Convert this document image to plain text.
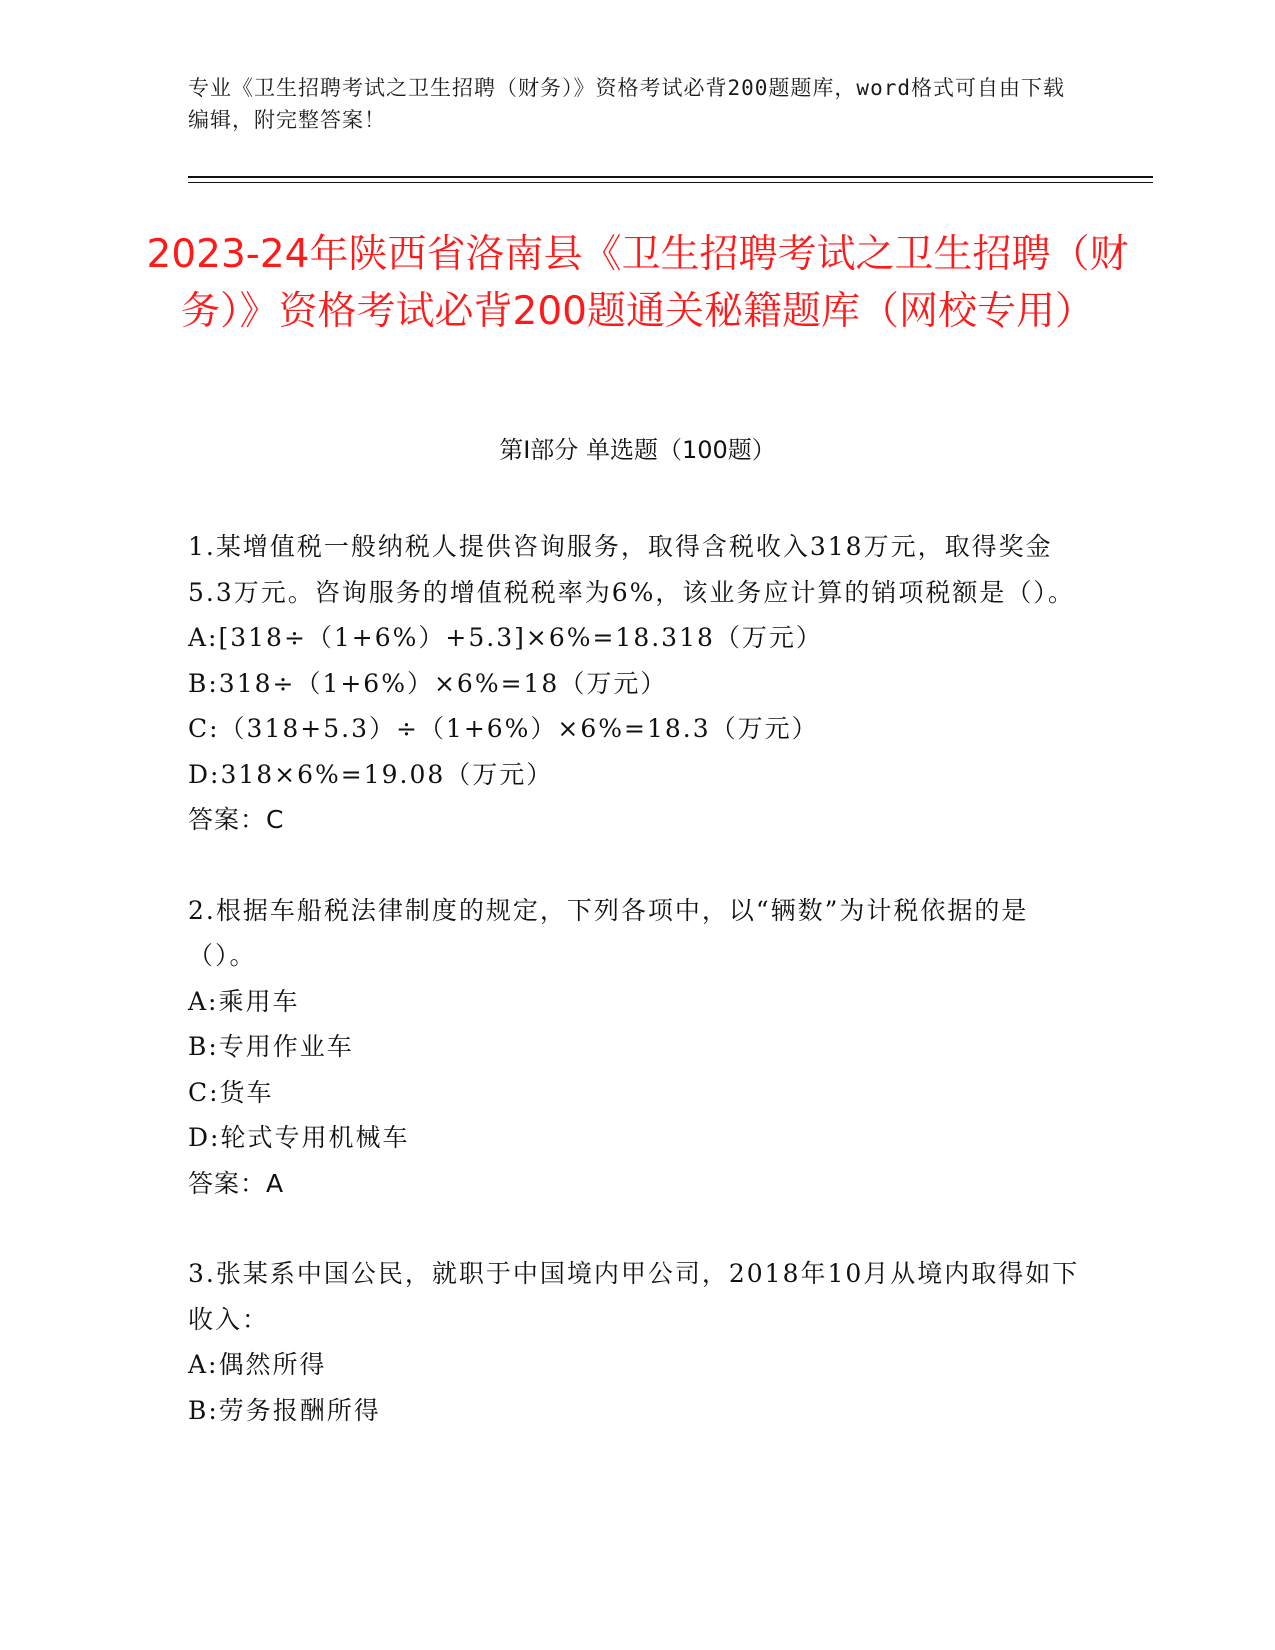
专业《卫生招聘考试之卫生招聘（财务）》资格考试必背200题题库，word格式可自由下载编辑，附完整答案！
2023-24年陕西省洛南县《卫生招聘考试之卫生招聘（财务）》资格考试必背200题通关秘籍题库（网校专用）
第Ⅰ部分 单选题（100题）

1.某增值税一般纳税人提供咨询服务，取得含税收入318万元，取得奖金5.3万元。咨询服务的增值税税率为6%，该业务应计算的销项税额是（）。

A:[318÷（1+6%）+5.3]×6%=18.318（万元）

B:318÷（1+6%）×6%=18（万元）

C:（318+5.3）÷（1+6%）×6%=18.3（万元）

D:318×6%=19.08（万元）

答案：C

2.根据车船税法律制度的规定，下列各项中，以“辆数”为计税依据的是（）。

A:乘用车

B:专用作业车

C:货车

D:轮式专用机械车

答案：A

3.张某系中国公民，就职于中国境内甲公司，2018年10月从境内取得如下收入：

A:偶然所得

B:劳务报酬所得
